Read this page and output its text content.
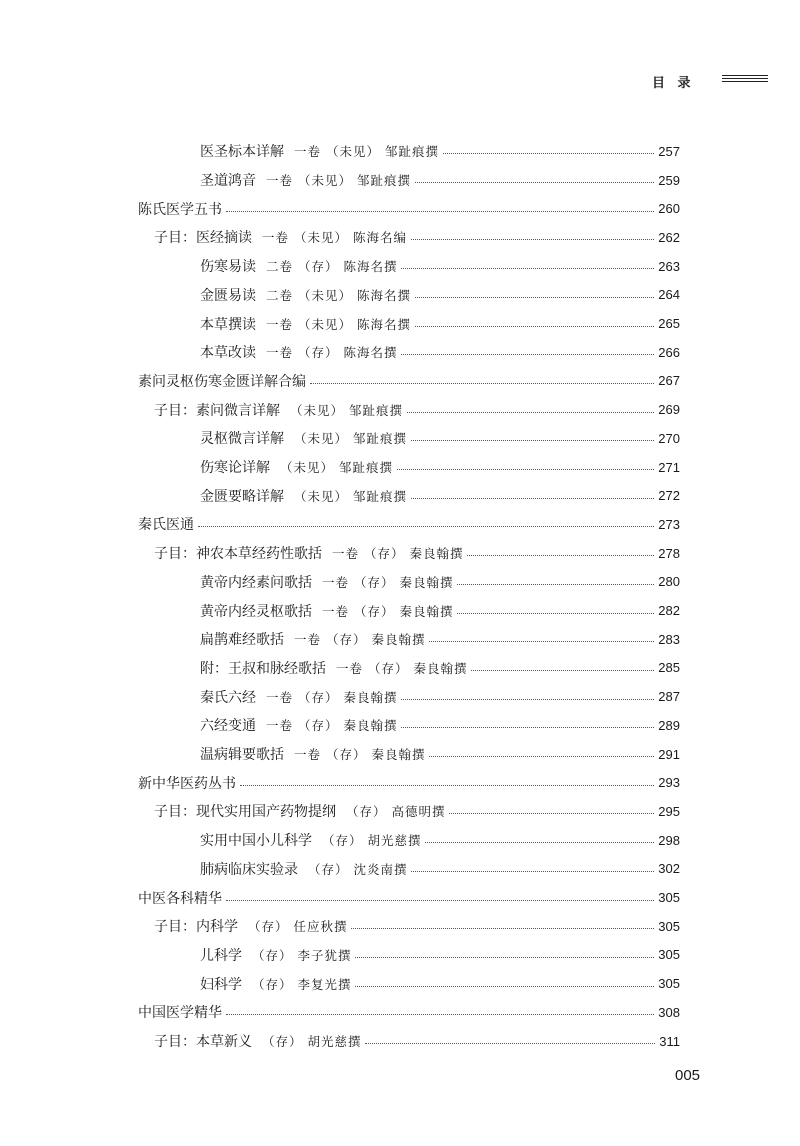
目 录
医圣标本详解 一卷 （未见） 邹趾痕撰	257
圣道鸿音 一卷 （未见） 邹趾痕撰	259
陈氏医学五书	260
子目： 医经摘读 一卷 （未见） 陈海名编	262
伤寒易读 二卷 （存） 陈海名撰	263
金匮易读 二卷 （未见） 陈海名撰	264
本草撰读 一卷 （未见） 陈海名撰	265
本草改读 一卷 （存） 陈海名撰	266
素问灵枢伤寒金匮详解合编	267
子目： 素问微言详解 （未见） 邹趾痕撰	269
灵枢微言详解 （未见） 邹趾痕撰	270
伤寒论详解 （未见） 邹趾痕撰	271
金匮要略详解 （未见） 邹趾痕撰	272
秦氏医通	273
子目： 神农本草经药性歌括 一卷 （存） 秦良翰撰	278
黄帝内经素问歌括 一卷 （存） 秦良翰撰	280
黄帝内经灵枢歌括 一卷 （存） 秦良翰撰	282
扁鹊难经歌括 一卷 （存） 秦良翰撰	283
附：王叔和脉经歌括 一卷 （存） 秦良翰撰	285
秦氏六经 一卷 （存） 秦良翰撰	287
六经变通 一卷 （存） 秦良翰撰	289
温病辑要歌括 一卷 （存） 秦良翰撰	291
新中华医药丛书	293
子目： 现代实用国产药物提纲 （存） 高德明撰	295
实用中国小儿科学 （存） 胡光慈撰	298
肺病临床实验录 （存） 沈炎南撰	302
中医各科精华	305
子目： 内科学 （存） 任应秋撰	305
儿科学 （存） 李子犹撰	305
妇科学 （存） 李复光撰	305
中国医学精华	308
子目： 本草新义 （存） 胡光慈撰	311
005
